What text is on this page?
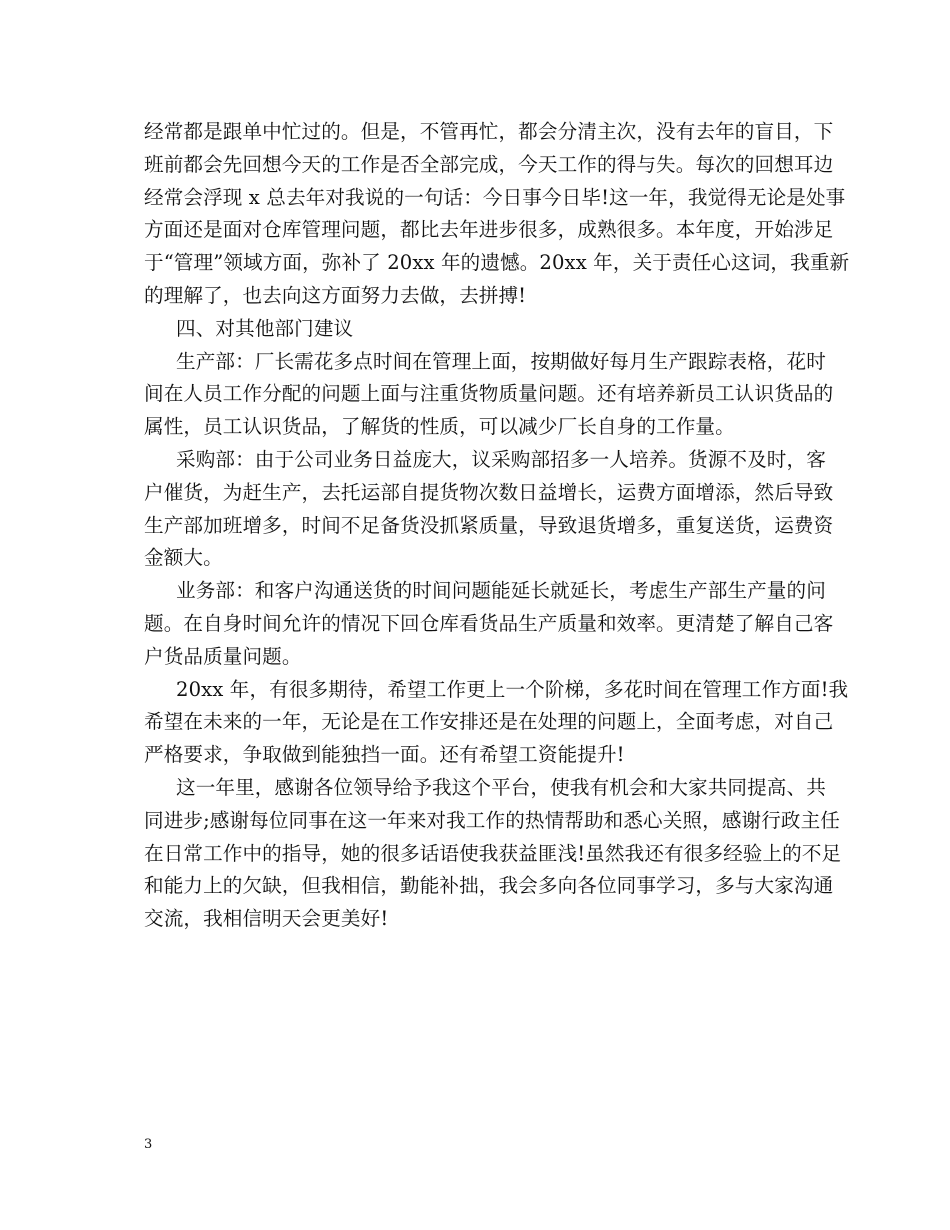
经常都是跟单中忙过的。但是，不管再忙，都会分清主次，没有去年的盲目，下
班前都会先回想今天的工作是否全部完成，今天工作的得与失。每次的回想耳边
经常会浮现 x 总去年对我说的一句话：今日事今日毕!这一年，我觉得无论是处事
方面还是面对仓库管理问题，都比去年进步很多，成熟很多。本年度，开始涉足
于“管理”领域方面，弥补了 20xx 年的遗憾。20xx 年，关于责任心这词，我重新
的理解了，也去向这方面努力去做，去拼搏!
四、对其他部门建议
生产部：厂长需花多点时间在管理上面，按期做好每月生产跟踪表格，花时
间在人员工作分配的问题上面与注重货物质量问题。还有培养新员工认识货品的
属性，员工认识货品，了解货的性质，可以减少厂长自身的工作量。
采购部：由于公司业务日益庞大，议采购部招多一人培养。货源不及时，客
户催货，为赶生产，去托运部自提货物次数日益增长，运费方面增添，然后导致
生产部加班增多，时间不足备货没抓紧质量，导致退货增多，重复送货，运费资
金额大。
业务部：和客户沟通送货的时间问题能延长就延长，考虑生产部生产量的问
题。在自身时间允许的情况下回仓库看货品生产质量和效率。更清楚了解自己客
户货品质量问题。
20xx 年，有很多期待，希望工作更上一个阶梯，多花时间在管理工作方面!我
希望在未来的一年，无论是在工作安排还是在处理的问题上，全面考虑，对自己
严格要求，争取做到能独挡一面。还有希望工资能提升!
这一年里，感谢各位领导给予我这个平台，使我有机会和大家共同提高、共
同进步;感谢每位同事在这一年来对我工作的热情帮助和悉心关照，感谢行政主任
在日常工作中的指导，她的很多话语使我获益匪浅!虽然我还有很多经验上的不足
和能力上的欠缺，但我相信，勤能补拙，我会多向各位同事学习，多与大家沟通
交流，我相信明天会更美好!
3
